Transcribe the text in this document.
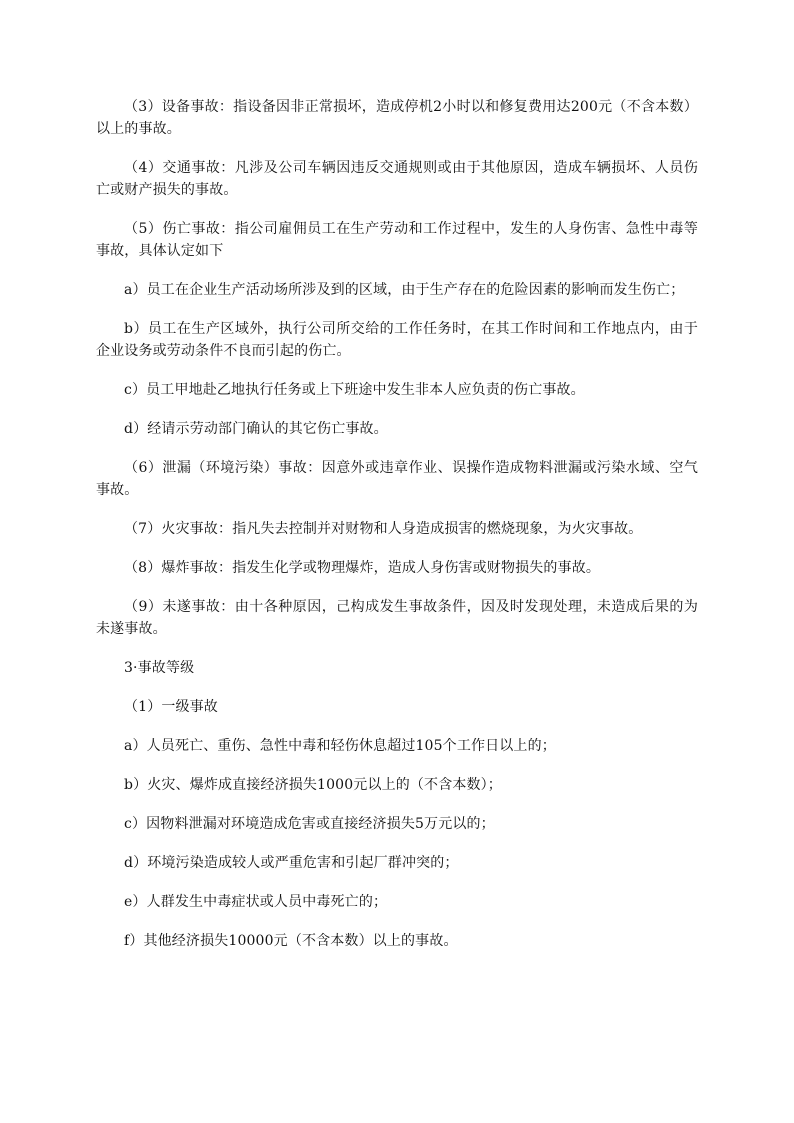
（3）设备事故：指设备因非正常损坏，造成停机2小时以和修复费用达200元（不含本数）以上的事故。

（4）交通事故：凡涉及公司车辆因违反交通规则或由于其他原因，造成车辆损坏、人员伤亡或财产损失的事故。

（5）伤亡事故：指公司雇佣员工在生产劳动和工作过程中，发生的人身伤害、急性中毒等事故，具体认定如下

a）员工在企业生产活动场所涉及到的区域，由于生产存在的危险因素的影响而发生伤亡；

b）员工在生产区域外，执行公司所交给的工作任务时，在其工作时间和工作地点内，由于企业设务或劳动条件不良而引起的伤亡。

c）员工甲地赴乙地执行任务或上下班途中发生非本人应负责的伤亡事故。

d）经请示劳动部门确认的其它伤亡事故。

（6）泄漏（环境污染）事故：因意外或违章作业、误操作造成物料泄漏或污染水域、空气事故。

（7）火灾事故：指凡失去控制并对财物和人身造成损害的燃烧现象，为火灾事故。

（8）爆炸事故：指发生化学或物理爆炸，造成人身伤害或财物损失的事故。

（9）未遂事故：由十各种原因，己构成发生事故条件，因及时发现处理，未造成后果的为未遂事故。

3·事故等级

（1）一级事故

a）人员死亡、重伤、急性中毒和轻伤休息超过105个工作日以上的；

b）火灾、爆炸成直接经济损失1000元以上的（不含本数）；

c）因物料泄漏对环境造成危害或直接经济损失5万元以的；

d）环境污染造成较人或严重危害和引起厂群冲突的；

e）人群发生中毒症状或人员中毒死亡的；

f）其他经济损失10000元（不含本数）以上的事故。
